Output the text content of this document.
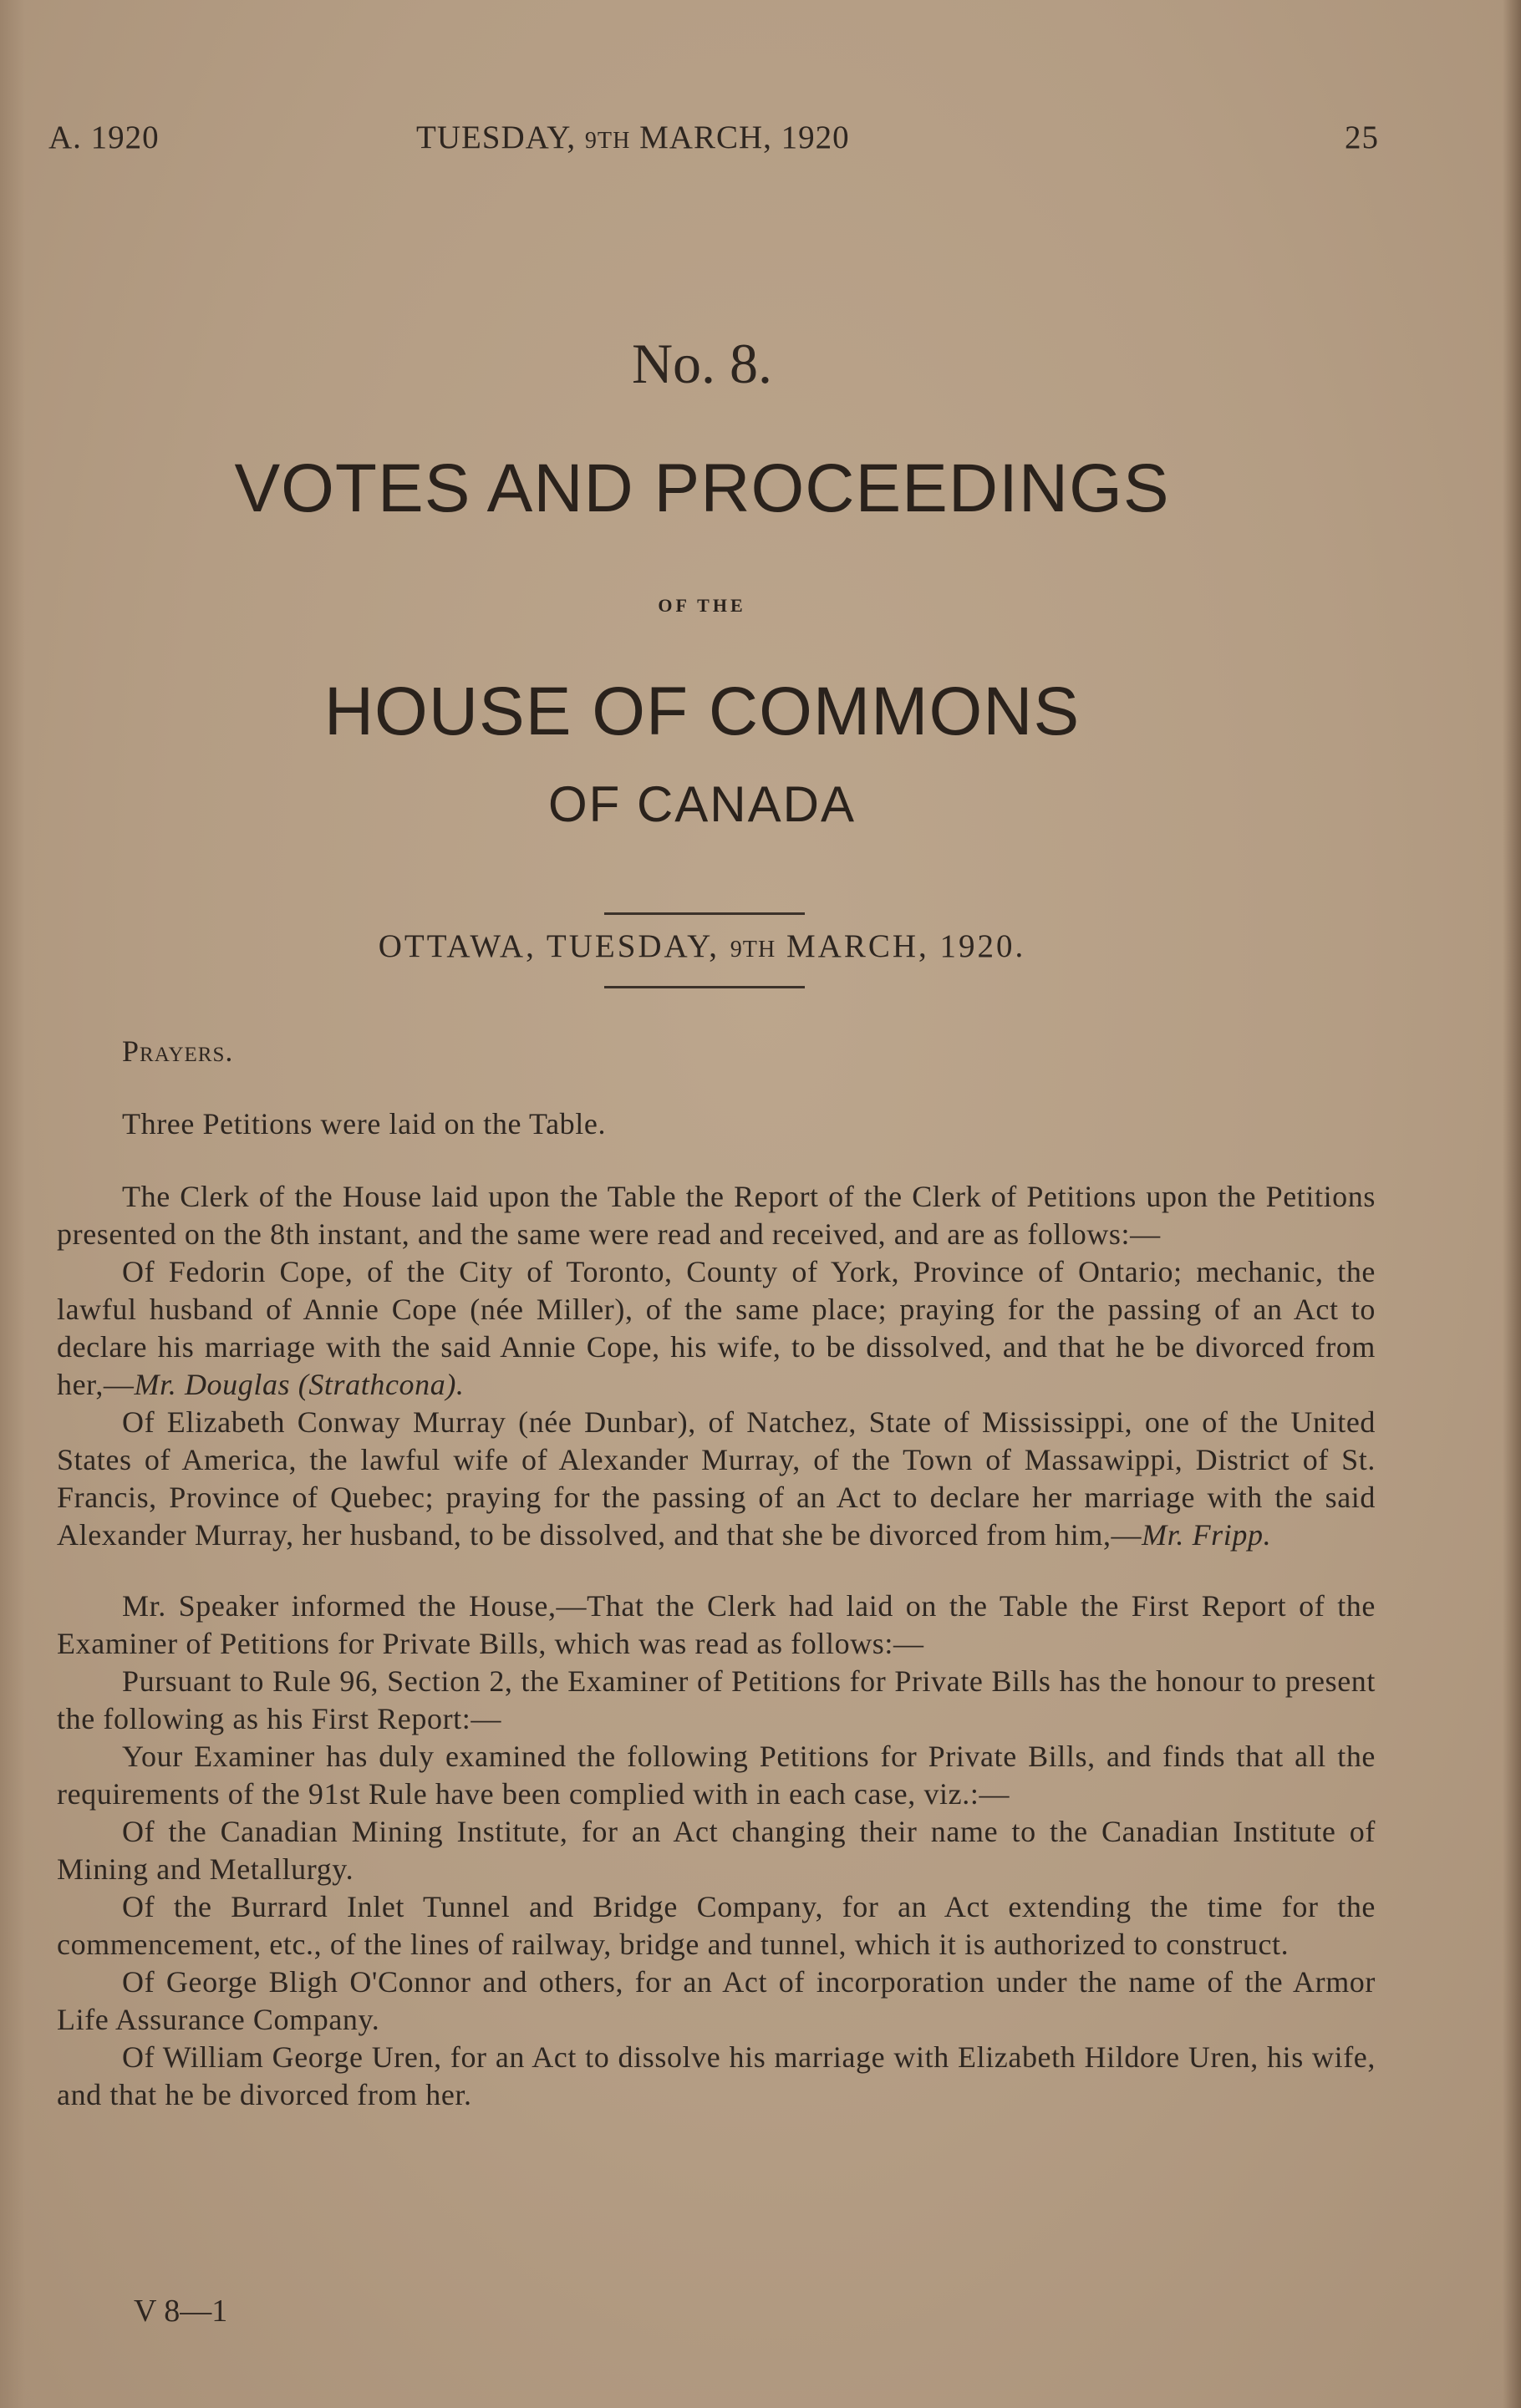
A. 1920	TUESDAY, 9TH MARCH, 1920	25
No. 8.
VOTES AND PROCEEDINGS
OF THE
HOUSE OF COMMONS
OF CANADA
OTTAWA, TUESDAY, 9TH MARCH, 1920.

Prayers.

Three Petitions were laid on the Table.

The Clerk of the House laid upon the Table the Report of the Clerk of Petitions upon the Petitions presented on the 8th instant, and the same were read and received, and are as follows:—

Of Fedorin Cope, of the City of Toronto, County of York, Province of Ontario; mechanic, the lawful husband of Annie Cope (née Miller), of the same place; praying for the passing of an Act to declare his marriage with the said Annie Cope, his wife, to be dissolved, and that he be divorced from her,—Mr. Douglas (Strathcona).

Of Elizabeth Conway Murray (née Dunbar), of Natchez, State of Mississippi, one of the United States of America, the lawful wife of Alexander Murray, of the Town of Massawippi, District of St. Francis, Province of Quebec; praying for the passing of an Act to declare her marriage with the said Alexander Murray, her husband, to be dissolved, and that she be divorced from him,—Mr. Fripp.

Mr. Speaker informed the House,—That the Clerk had laid on the Table the First Report of the Examiner of Petitions for Private Bills, which was read as follows:—

Pursuant to Rule 96, Section 2, the Examiner of Petitions for Private Bills has the honour to present the following as his First Report:—

Your Examiner has duly examined the following Petitions for Private Bills, and finds that all the requirements of the 91st Rule have been complied with in each case, viz.:—

Of the Canadian Mining Institute, for an Act changing their name to the Canadian Institute of Mining and Metallurgy.

Of the Burrard Inlet Tunnel and Bridge Company, for an Act extending the time for the commencement, etc., of the lines of railway, bridge and tunnel, which it is authorized to construct.

Of George Bligh O'Connor and others, for an Act of incorporation under the name of the Armor Life Assurance Company.

Of William George Uren, for an Act to dissolve his marriage with Elizabeth Hildore Uren, his wife, and that he be divorced from her.

V 8—1
